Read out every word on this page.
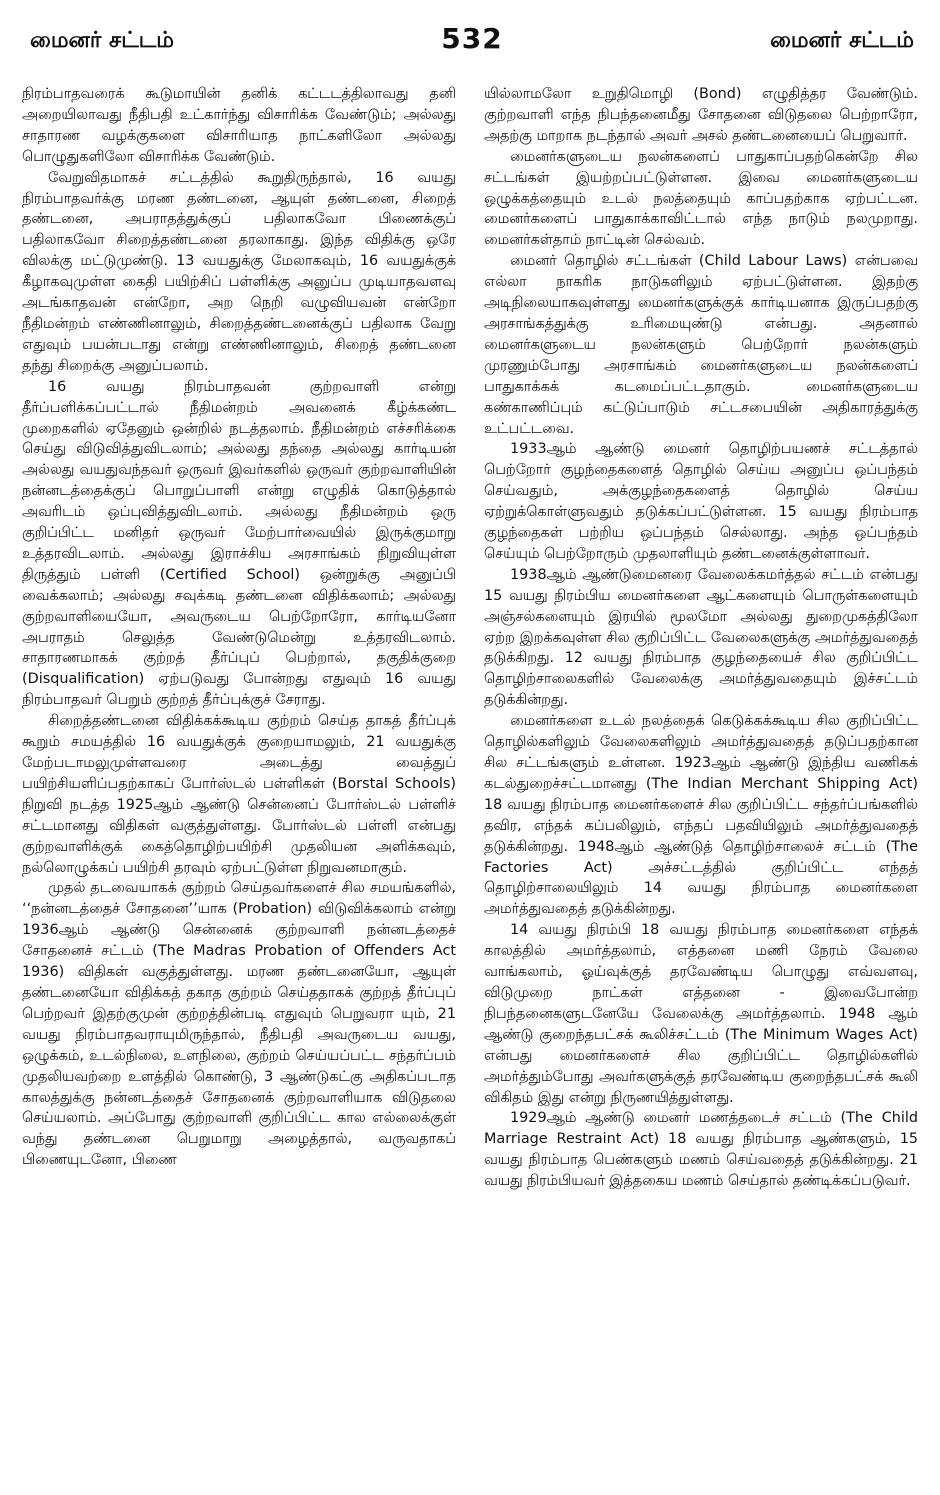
மைனர் சட்டம்	532	மைனர் சட்டம்

நிரம்பாதவரைக் கூடுமாயின் தனிக் கட்டடத்திலாவது தனி அறையிலாவது நீதிபதி உட்கார்ந்து விசாரிக்க வேண்டும்; அல்லது சாதாரண வழக்குகளை விசாரியாத நாட்களிலோ அல்லது பொழுதுகளிலோ விசாரிக்க வேண்டும்.

வேறுவிதமாகச் சட்டத்தில் கூறுதிருந்தால், 16 வயது நிரம்பாதவர்க்கு மரண தண்டனை, ஆயுள் தண்டனை, சிறைத் தண்டனை, அபராதத்துக்குப் பதிலாகவோ பிணைக்குப் பதிலாகவோ சிறைத்தண்டனை தரலாகாது. இந்த விதிக்கு ஒரே விலக்கு மட்டுமுண்டு. 13 வயதுக்கு மேலாகவும், 16 வயதுக்குக் கீழாகவுமுள்ள கைதி பயிற்சிப் பள்ளிக்கு அனுப்ப முடியாதவளவு அடங்காதவன் என்றோ, அற நெறி வழுவியவன் என்றோ நீதிமன்றம் எண்ணினாலும், சிறைத்தண்டனைக்குப் பதிலாக வேறு எதுவும் பயன்படாது என்று எண்ணினாலும், சிறைத் தண்டனை தந்து சிறைக்கு அனுப்பலாம்.

16 வயது நிரம்பாதவன் குற்றவாளி என்று தீர்ப்பளிக்கப்பட்டால் நீதிமன்றம் அவனைக் கீழ்க்கண்ட முறைகளில் ஏதேனும் ஒன்றில் நடத்தலாம். நீதிமன்றம் எச்சரிக்கை செய்து விடுவித்துவிடலாம்; அல்லது தந்தை அல்லது கார்டியன் அல்லது வயதுவந்தவர் ஒருவர் இவர்களில் ஒருவர் குற்றவாளியின் நன்னடத்தைக்குப் பொறுப்பாளி என்று எழுதிக் கொடுத்தால் அவரிடம் ஒப்புவித்துவிடலாம். அல்லது நீதிமன்றம் ஒரு குறிப்பிட்ட மனிதர் ஒருவர் மேற்பார்வையில் இருக்குமாறு உத்தரவிடலாம். அல்லது இராச்சிய அரசாங்கம் நிறுவியுள்ள திருத்தும் பள்ளி (Certified School) ஒன்றுக்கு அனுப்பி வைக்கலாம்; அல்லது சவுக்கடி தண்டனை விதிக்கலாம்; அல்லது குற்றவாளியையோ, அவருடைய பெற்றோரோ, கார்டியனோ அபராதம் செலுத்த வேண்டுமென்று உத்தரவிடலாம். சாதாரணமாகக் குற்றத் தீர்ப்புப் பெற்றால், தகுதிக்குறை (Disqualification) ஏற்படுவது போன்றது எதுவும் 16 வயது நிரம்பாதவர் பெறும் குற்றத் தீர்ப்புக்குச் சேராது.

சிறைத்தண்டனை விதிக்கக்கூடிய குற்றம் செய்த தாகத் தீர்ப்புக் கூறும் சமயத்தில் 16 வயதுக்குக் குறையாமலும், 21 வயதுக்கு மேற்படாமலுமுள்ளவரை அடைத்து வைத்துப் பயிற்சியளிப்பதற்காகப் போர்ஸ்டல் பள்ளிகள் (Borstal Schools) நிறுவி நடத்த 1925ஆம் ஆண்டு சென்னைப் போர்ஸ்டல் பள்ளிச் சட்டமானது விதிகள் வகுத்துள்ளது. போர்ஸ்டல் பள்ளி என்பது குற்றவாளிக்குக் கைத்தொழிற்பயிற்சி முதலியன அளிக்கவும், நல்லொழுக்கப் பயிற்சி தரவும் ஏற்பட்டுள்ள நிறுவனமாகும்.

முதல் தடவையாகக் குற்றம் செய்தவர்களைச் சில சமயங்களில், ‘‘நன்னடத்தைச் சோதனை’’யாக (Probation) விடுவிக்கலாம் என்று 1936ஆம் ஆண்டு சென்னைக் குற்றவாளி நன்னடத்தைச் சோதனைச் சட்டம் (The Madras Probation of Offenders Act 1936) விதிகள் வகுத்துள்ளது. மரண தண்டனையோ, ஆயுள் தண்டனையோ விதிக்கத் தகாத குற்றம் செய்ததாகக் குற்றத் தீர்ப்புப் பெற்றவர் இதற்குமுன் குற்றத்தின்படி எதுவும் பெறுவரா யும், 21 வயது நிரம்பாதவராயுமிருந்தால், நீதிபதி அவருடைய வயது, ஒழுக்கம், உடல்நிலை, உளநிலை, குற்றம் செய்யப்பட்ட சந்தர்ப்பம் முதலியவற்றை உளத்தில் கொண்டு, 3 ஆண்டுகட்கு அதிகப்படாத காலத்துக்கு நன்னடத்தைச் சோதனைக் குற்றவாளியாக விடுதலை செய்யலாம். அப்போது குற்றவாளி குறிப்பிட்ட கால எல்லைக்குள் வந்து தண்டனை பெறுமாறு அழைத்தால், வருவதாகப் பிணையுடனோ, பிணை

யில்லாமலோ உறுதிமொழி (Bond) எழுதித்தர வேண்டும். குற்றவாளி எந்த நிபந்தனைமீது சோதனை விடுதலை பெற்றாரோ, அதற்கு மாறாக நடந்தால் அவர் அசல் தண்டனையைப் பெறுவார்.

மைனர்களுடைய நலன்களைப் பாதுகாப்பதற்கென்றே சில சட்டங்கள் இயற்றப்பட்டுள்ளன. இவை மைனர்களுடைய ஒழுக்கத்தையும் உடல் நலத்தையும் காப்பதற்காக ஏற்பட்டன. மைனர்களைப் பாதுகாக்காவிட்டால் எந்த நாடும் நலமுறாது. மைனர்கள்தாம் நாட்டின் செல்வம்.

மைனர் தொழில் சட்டங்கள் (Child Labour Laws) என்பவை எல்லா நாகரிக நாடுகளிலும் ஏற்பட்டுள்ளன. இதற்கு அடிநிலையாகவுள்ளது மைனர்களுக்குக் கார்டியனாக இருப்பதற்கு அரசாங்கத்துக்கு உரிமையுண்டு என்பது. அதனால் மைனர்களுடைய நலன்களும் பெற்றோர் நலன்களும் முரணும்போது அரசாங்கம் மைனர்களுடைய நலன்களைப் பாதுகாக்கக் கடமைப்பட்டதாகும். மைனர்களுடைய கண்காணிப்பும் கட்டுப்பாடும் சட்டசபையின் அதிகாரத்துக்கு உட்பட்டவை.

1933ஆம் ஆண்டு மைனர் தொழிற்பயணச் சட்டத்தால் பெற்றோர் குழந்தைகளைத் தொழில் செய்ய அனுப்ப ஒப்பந்தம் செய்வதும், அக்குழந்தைகளைத் தொழில் செய்ய ஏற்றுக்கொள்ளுவதும் தடுக்கப்பட்டுள்ளன. 15 வயது நிரம்பாத குழந்தைகள் பற்றிய ஒப்பந்தம் செல்லாது. அந்த ஒப்பந்தம் செய்யும் பெற்றோரும் முதலாளியும் தண்டனைக்குள்ளாவர்.

1938ஆம் ஆண்டுமைனரை வேலைக்கமர்த்தல் சட்டம் என்பது 15 வயது நிரம்பிய மைனர்களை ஆட்களையும் பொருள்களையும் அஞ்சல்களையும் இரயில் மூலமோ அல்லது துறைமுகத்திலோ ஏற்ற இறக்கவுள்ள சில குறிப்பிட்ட வேலைகளுக்கு அமர்த்துவதைத் தடுக்கிறது. 12 வயது நிரம்பாத குழந்தையைச் சில குறிப்பிட்ட தொழிற்சாலைகளில் வேலைக்கு அமர்த்துவதையும் இச்சட்டம் தடுக்கின்றது.

மைனர்களை உடல் நலத்தைக் கெடுக்கக்கூடிய சில குறிப்பிட்ட தொழில்களிலும் வேலைகளிலும் அமர்த்துவதைத் தடுப்பதற்கான சில சட்டங்களும் உள்ளன. 1923ஆம் ஆண்டு இந்திய வணிகக் கடல்துறைச்சட்டமானது (The Indian Merchant Shipping Act) 18 வயது நிரம்பாத மைனர்களைச் சில குறிப்பிட்ட சந்தர்ப்பங்களில் தவிர, எந்தக் கப்பலிலும், எந்தப் பதவியிலும் அமர்த்துவதைத் தடுக்கின்றது. 1948ஆம் ஆண்டுத் தொழிற்சாலைச் சட்டம் (The Factories Act) அச்சட்டத்தில் குறிப்பிட்ட எந்தத் தொழிற்சாலையிலும் 14 வயது நிரம்பாத மைனர்களை அமர்த்துவதைத் தடுக்கின்றது.

14 வயது நிரம்பி 18 வயது நிரம்பாத மைனர்களை எந்தக் காலத்தில் அமர்த்தலாம், எத்தனை மணி நேரம் வேலை வாங்கலாம், ஓய்வுக்குத் தரவேண்டிய பொழுது எவ்வளவு, விடுமுறை நாட்கள் எத்தனை - இவைபோன்ற நிபந்தனைகளுடனேயே வேலைக்கு அமர்த்தலாம். 1948 ஆம் ஆண்டு குறைந்தபட்சக் கூலிச்சட்டம் (The Minimum Wages Act) என்பது மைனர்களைச் சில குறிப்பிட்ட தொழில்களில் அமர்த்தும்போது அவர்களுக்குத் தரவேண்டிய குறைந்தபட்சக் கூலி விகிதம் இது என்று நிருணயித்துள்ளது.

1929ஆம் ஆண்டு மைனர் மணத்தடைச் சட்டம் (The Child Marriage Restraint Act) 18 வயது நிரம்பாத ஆண்களும், 15 வயது நிரம்பாத பெண்களும் மணம் செய்வதைத் தடுக்கின்றது. 21 வயது நிரம்பியவர் இத்தகைய மணம் செய்தால் தண்டிக்கப்படுவர்.
